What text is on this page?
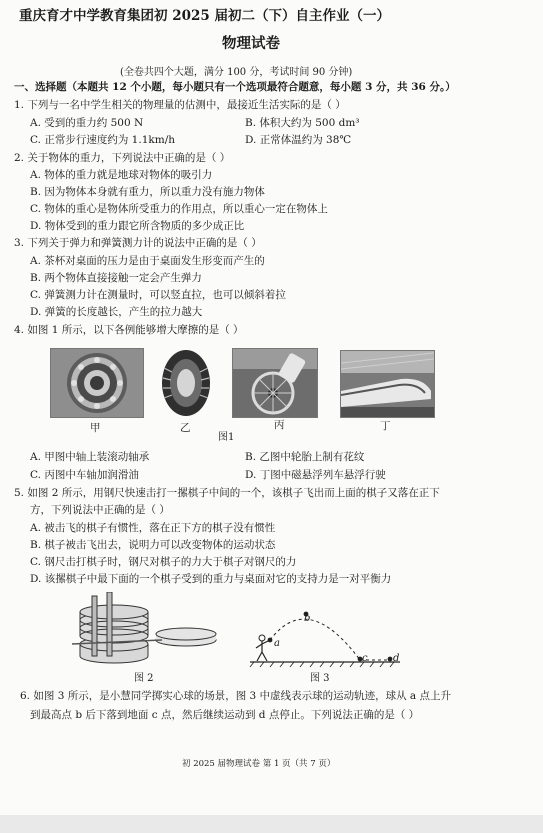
重庆育才中学教育集团初 2025 届初二（下）自主作业（一）
物理试卷
(全卷共四个大题，满分 100 分，考试时间 90 分钟)
一、选择题（本题共 12 个小题，每小题只有一个选项最符合题意，每小题 3 分，共 36 分。）
1. 下列与一名中学生相关的物理量的估测中，最接近生活实际的是（ ）
A. 受到的重力约 500 N	B. 体积大约为 500 dm³
C. 正常步行速度约为 1.1km/h	D. 正常体温约为 38℃
2. 关于物体的重力，下列说法中正确的是（ ）
A. 物体的重力就是地球对物体的吸引力
B. 因为物体本身就有重力，所以重力没有施力物体
C. 物体的重心是物体所受重力的作用点，所以重心一定在物体上
D. 物体受到的重力跟它所含物质的多少成正比
3. 下列关于弹力和弹簧测力计的说法中正确的是（ ）
A. 茶杯对桌面的压力是由于桌面发生形变而产生的
B. 两个物体直接接触一定会产生弹力
C. 弹簧测力计在测量时，可以竖直拉，也可以倾斜着拉
D. 弹簧的长度越长，产生的拉力越大
4. 如图 1 所示，以下各例能够增大摩擦的是（ ）
甲	乙	丙	丁
图1
A. 甲图中轴上装滚动轴承	B. 乙图中轮胎上制有花纹
C. 丙图中车轴加润滑油	D. 丁图中磁悬浮列车悬浮行驶
5. 如图 2 所示，用钢尺快速击打一摞棋子中间的一个，该棋子飞出而上面的棋子又落在正下
方，下列说法中正确的是（ ）
A. 被击飞的棋子有惯性，落在正下方的棋子没有惯性
B. 棋子被击飞出去，说明力可以改变物体的运动状态
C. 钢尺击打棋子时，钢尺对棋子的力大于棋子对钢尺的力
D. 该摞棋子中最下面的一个棋子受到的重力与桌面对它的支持力是一对平衡力
图 2
a
b
c	d
图 3
6. 如图 3 所示，是小慧同学掷实心球的场景，图 3 中虚线表示球的运动轨迹，球从 a 点上升
到最高点 b 后下落到地面 c 点，然后继续运动到 d 点停止。下列说法正确的是（ ）
初 2025 届物理试卷 第 1 页（共 7 页）
